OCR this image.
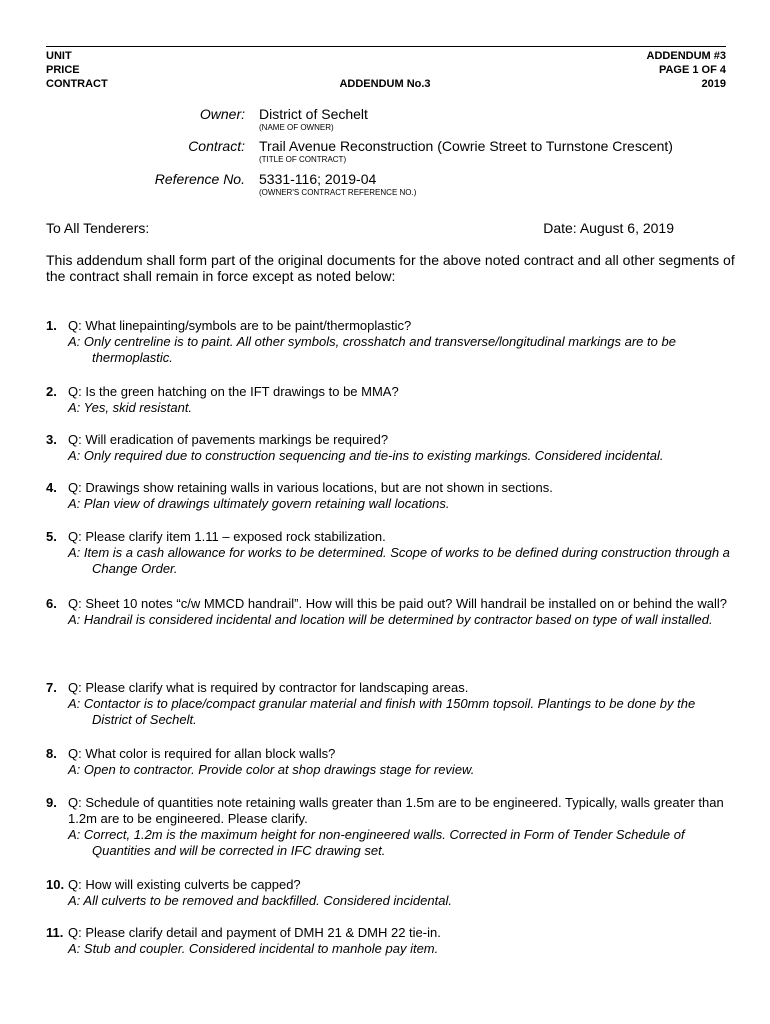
UNIT
PRICE
CONTRACT	ADDENDUM No.3
ADDENDUM #3
PAGE 1 OF 4
2019
Owner: District of Sechelt
(NAME OF OWNER)
Contract: Trail Avenue Reconstruction (Cowrie Street to Turnstone Crescent)
(TITLE OF CONTRACT)
Reference No. 5331-116; 2019-04
(OWNER'S CONTRACT REFERENCE NO.)
To All Tenderers:	Date: August 6, 2019
This addendum shall form part of the original documents for the above noted contract and all other segments of the contract shall remain in force except as noted below:
1. Q: What linepainting/symbols are to be paint/thermoplastic?
A: Only centreline is to paint. All other symbols, crosshatch and transverse/longitudinal markings are to be thermoplastic.
2. Q: Is the green hatching on the IFT drawings to be MMA?
A: Yes, skid resistant.
3. Q: Will eradication of pavements markings be required?
A: Only required due to construction sequencing and tie-ins to existing markings. Considered incidental.
4. Q: Drawings show retaining walls in various locations, but are not shown in sections.
A: Plan view of drawings ultimately govern retaining wall locations.
5. Q: Please clarify item 1.11 – exposed rock stabilization.
A: Item is a cash allowance for works to be determined. Scope of works to be defined during construction through a Change Order.
6. Q: Sheet 10 notes “c/w MMCD handrail”. How will this be paid out? Will handrail be installed on or behind the wall?
A: Handrail is considered incidental and location will be determined by contractor based on type of wall installed.
7. Q: Please clarify what is required by contractor for landscaping areas.
A: Contactor is to place/compact granular material and finish with 150mm topsoil. Plantings to be done by the District of Sechelt.
8. Q: What color is required for allan block walls?
A: Open to contractor. Provide color at shop drawings stage for review.
9. Q: Schedule of quantities note retaining walls greater than 1.5m are to be engineered. Typically, walls greater than 1.2m are to be engineered. Please clarify.
A: Correct, 1.2m is the maximum height for non-engineered walls. Corrected in Form of Tender Schedule of Quantities and will be corrected in IFC drawing set.
10. Q: How will existing culverts be capped?
A: All culverts to be removed and backfilled. Considered incidental.
11. Q: Please clarify detail and payment of DMH 21 & DMH 22 tie-in.
A: Stub and coupler. Considered incidental to manhole pay item.
